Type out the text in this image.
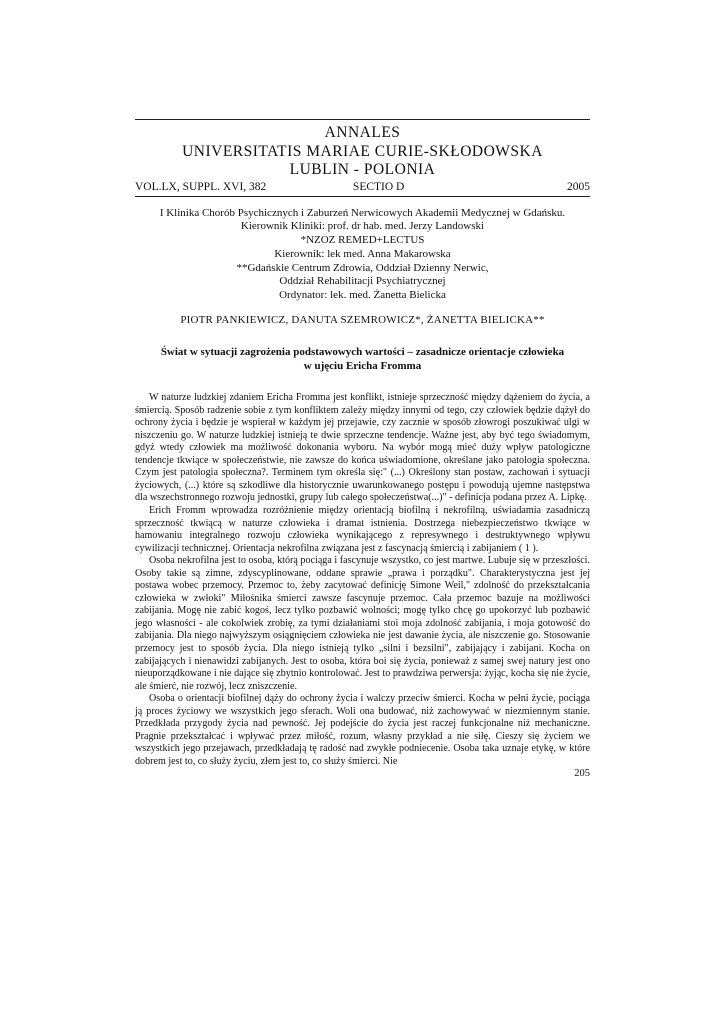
ANNALES
UNIVERSITATIS MARIAE CURIE-SKŁODOWSKA
LUBLIN - POLONIA
VOL.LX, SUPPL. XVI, 382	SECTIO D	2005
I Klinika Chorób Psychicznych i Zaburzeń Nerwicowych Akademii Medycznej w Gdańsku.
Kierownik Kliniki: prof. dr hab. med. Jerzy Landowski
*NZOZ REMED+LECTUS
Kierownik: lek med. Anna Makarowska
**Gdańskie Centrum Zdrowia, Oddział Dzienny Nerwic,
Oddział Rehabilitacji Psychiatrycznej
Ordynator: lek. med. Żanetta Bielicka
PIOTR PANKIEWICZ, DANUTA SZEMROWICZ*, ŻANETTA BIELICKA**
Świat w sytuacji zagrożenia podstawowych wartości – zasadnicze orientacje człowieka
w ujęciu Ericha Fromma

W naturze ludzkiej zdaniem Ericha Fromma jest konflikt, istnieje sprzeczność między dążeniem do życia, a śmiercią. Sposób radzenie sobie z tym konfliktem zależy między innymi od tego, czy człowiek będzie dążył do ochrony życia i będzie je wspierał w każdym jej przejawie, czy zacznie w sposób złowrogi poszukiwać ulgi w niszczeniu go. W naturze ludzkiej istnieją te dwie sprzeczne tendencje. Ważne jest, aby być tego świadomym, gdyż wtedy człowiek ma możliwość dokonania wyboru. Na wybór mogą mieć duży wpływ patologiczne tendencje tkwiące w społeczeństwie, nie zawsze do końca uświadomione, określane jako patologia społeczna. Czym jest patologia społeczna?. Terminem tym określa się:" (...) Określony stan postaw, zachowań i sytuacji życiowych, (...) które są szkodliwe dla historycznie uwarunkowanego postępu i powodują ujemne następstwa dla wszechstronnego rozwoju jednostki, grupy lub całego społeczeństwa(...)" - definicja podana przez A. Lipkę.

Erich Fromm wprowadza rozróżnienie między orientacją biofilną i nekrofilną, uświadamia zasadniczą sprzeczność tkwiącą w naturze człowieka i dramat istnienia. Dostrzega niebezpieczeństwo tkwiące w hamowaniu integralnego rozwoju człowieka wynikającego z represywnego i destruktywnego wpływu cywilizacji technicznej. Orientacja nekrofilna związana jest z fascynacją śmiercią i zabijaniem ( 1 ).

Osoba nekrofilna jest to osoba, którą pociąga i fascynuje wszystko, co jest martwe. Lubuje się w przeszłości. Osoby takie są zimne, zdyscyplinowane, oddane sprawie „prawa i porządku". Charakterystyczna jest jej postawa wobec przemocy. Przemoc to, żeby zacytować definicję Simone Weil," zdolność do przekształcania człowieka w zwłoki" Miłośnika śmierci zawsze fascynuje przemoc. Cała przemoc bazuje na możliwości zabijania. Mogę nie zabić kogoś, lecz tylko pozbawić wolności; mogę tylko chcę go upokorzyć lub pozbawić jego własności - ale cokolwiek zrobię, za tymi działaniami stoi moja zdolność zabijania, i moja gotowość do zabijania. Dla niego najwyższym osiągnięciem człowieka nie jest dawanie życia, ale niszczenie go. Stosowanie przemocy jest to sposób życia. Dla niego istnieją tylko „silni i bezsilni", zabijający i zabijani. Kocha on zabijających i nienawidzi zabijanych. Jest to osoba, która boi się życia, ponieważ z samej swej natury jest ono nieuporządkowane i nie dające się zbytnio kontrolować. Jest to prawdziwa perwersja: żyjąc, kocha się nie życie, ale śmierć, nie rozwój, lecz zniszczenie.

Osoba o orientacji biofilnej dąży do ochrony życia i walczy przeciw śmierci. Kocha w pełni życie, pociąga ją proces życiowy we wszystkich jego sferach. Woli ona budować, niż zachowywać w niezmiennym stanie. Przedkłada przygody życia nad pewność. Jej podejście do życia jest raczej funkcjonalne niż mechaniczne. Pragnie przekształcać i wpływać przez miłość, rozum, własny przykład a nie siłę. Cieszy się życiem we wszystkich jego przejawach, przedkładają tę radość nad zwykłe podniecenie. Osoba taka uznaje etykę, w które dobrem jest to, co służy życiu, złem jest to, co służy śmierci. Nie

205
